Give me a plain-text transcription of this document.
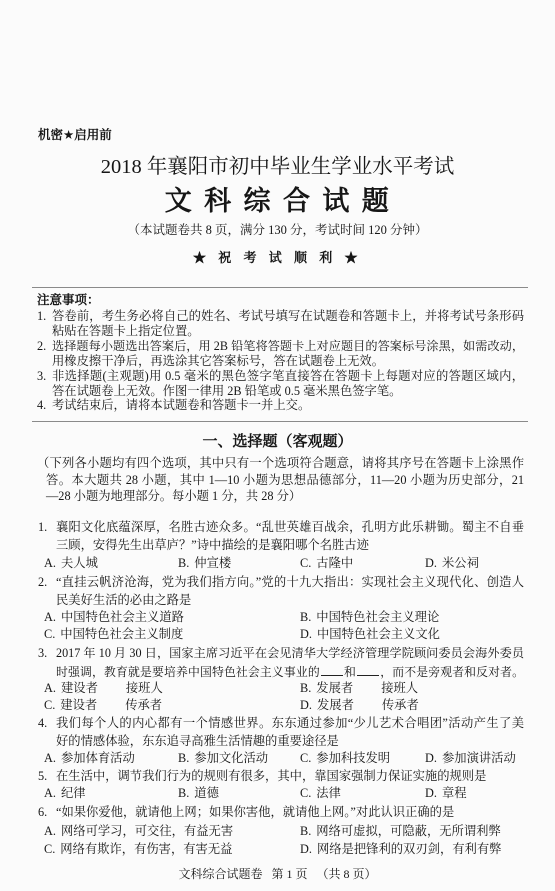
机密★启用前
2018 年襄阳市初中毕业生学业水平考试
文 科 综 合 试 题
（本试题卷共 8 页，满分 130 分，考试时间 120 分钟）
★ 祝 考 试 顺 利 ★
注意事项：
1. 答卷前，考生务必将自己的姓名、考试号填写在试题卷和答题卡上，并将考试号条形码
粘贴在答题卡上指定位置。
2. 选择题每小题选出答案后，用 2B 铅笔将答题卡上对应题目的答案标号涂黑，如需改动，
用橡皮擦干净后，再选涂其它答案标号，答在试题卷上无效。
3. 非选择题(主观题)用 0.5 毫米的黑色签字笔直接答在答题卡上每题对应的答题区域内，
答在试题卷上无效。作图一律用 2B 铅笔或 0.5 毫米黑色签字笔。
4. 考试结束后，请将本试题卷和答题卡一并上交。
一、选择题（客观题）
（下列各小题均有四个选项，其中只有一个选项符合题意，请将其序号在答题卡上涂黑作
答。本大题共 28 小题，其中 1—10 小题为思想品德部分，11—20 小题为历史部分，21
—28 小题为地理部分。每小题 1 分，共 28 分）
1. 襄阳文化底蕴深厚，名胜古迹众多。“乱世英雄百战余，孔明方此乐耕锄。蜀主不自垂
三顾，安得先生出草庐？”诗中描绘的是襄阳哪个名胜古迹
A. 夫人城	B. 仲宣楼	C. 古隆中	D. 米公祠
2. “直挂云帆济沧海，党为我们指方向。”党的十九大指出：实现社会主义现代化、创造人
民美好生活的必由之路是
A. 中国特色社会主义道路	B. 中国特色社会主义理论
C. 中国特色社会主义制度	D. 中国特色社会主义文化
3. 2017 年 10 月 30 日，国家主席习近平在会见清华大学经济管理学院顾问委员会海外委员
时强调，教育就是要培养中国特色社会主义事业的 和 ，而不是旁观者和反对者。
A. 建设者 接班人	B. 发展者 接班人
C. 建设者 传承者	D. 发展者 传承者
4. 我们每个人的内心都有一个情感世界。东东通过参加“少儿艺术合唱团”活动产生了美
好的情感体验，东东追寻高雅生活情趣的重要途径是
A. 参加体育活动	B. 参加文化活动	C. 参加科技发明	D. 参加演讲活动
5. 在生活中，调节我们行为的规则有很多，其中，靠国家强制力保证实施的规则是
A. 纪律	B. 道德	C. 法律	D. 章程
6. “如果你爱他，就请他上网；如果你害他，就请他上网。”对此认识正确的是
A. 网络可学习，可交往，有益无害	B. 网络可虚拟，可隐蔽，无所谓利弊
C. 网络有欺诈，有伤害，有害无益	D. 网络是把锋利的双刃剑，有利有弊
文科综合试题卷   第 1 页   （共 8 页）
